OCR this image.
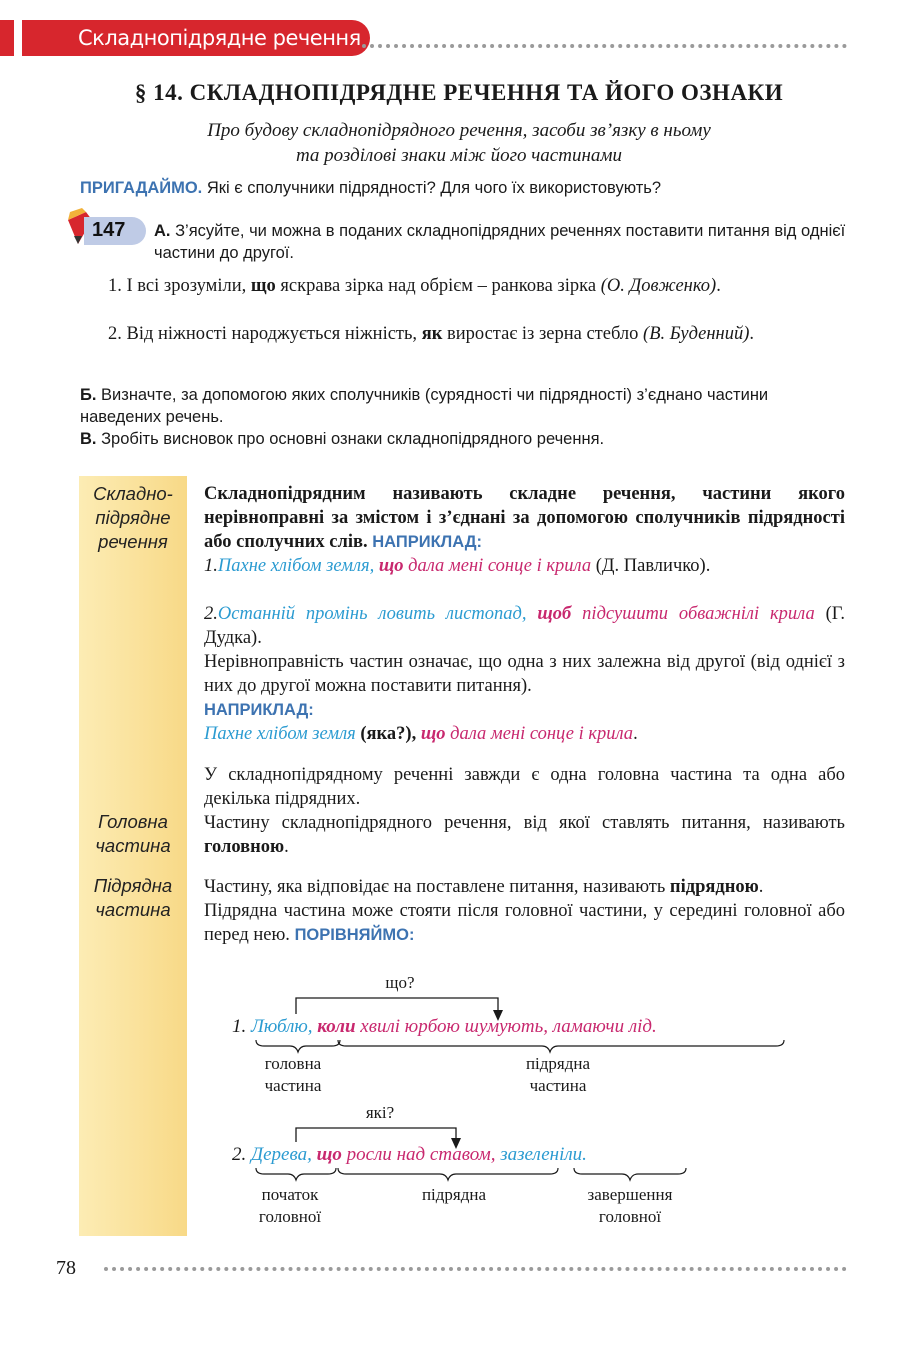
Складнопідрядне речення
§ 14. СКЛАДНОПІДРЯДНЕ РЕЧЕННЯ ТА ЙОГО ОЗНАКИ
Про будову складнопідрядного речення, засоби зв’язку в ньому
та розділові знаки між його частинами
ПРИГАДАЙМО. Які є сполучники підрядності? Для чого їх використовують?
147 А. З’ясуйте, чи можна в поданих складнопідрядних реченнях поставити питання від однієї частини до другої.
1. І всі зрозуміли, що яскрава зірка над обрієм – ранкова зірка (О. Довженко).
2. Від ніжності народжується ніжність, як виростає із зерна стебло (В. Буденний).
Б. Визначте, за допомогою яких сполучників (сурядності чи підрядності) з’єднано частини наведених речень.
В. Зробіть висновок про основні ознаки складнопідрядного речення.
Складно-
підрядне
речення
Головна
частина
Підрядна
частина
Складнопідрядним називають складне речення, частини якого нерівноправні за змістом і з’єднані за допомогою сполучників підрядності або сполучних слів. НАПРИКЛАД:
1.Пахне хлібом земля, що дала мені сонце і крила (Д. Павличко).
2.Останній промінь ловить листопад, щоб підсушити обважнілі крила (Г. Дудка).
Нерівноправність частин означає, що одна з них залежна від другої (від однієї з них до другої можна поставити питання).
НАПРИКЛАД:
Пахне хлібом земля (яка?), що дала мені сонце і крила.
У складнопідрядному реченні завжди є одна головна частина та одна або декілька підрядних.
Частину складнопідрядного речення, від якої ставлять питання, називають головною.
Частину, яка відповідає на поставлене питання, називають підрядною.
Підрядна частина може стояти після головної частини, у середині головної або перед нею. ПОРІВНЯЙМО:
що?
1. Люблю, коли хвилі юрбою шумують, ламаючи лід.
головна
частина
підрядна
частина
які?
2. Дерева, що росли над ставом, зазеленіли.
початок
головної
підрядна	завершення
головної
78
